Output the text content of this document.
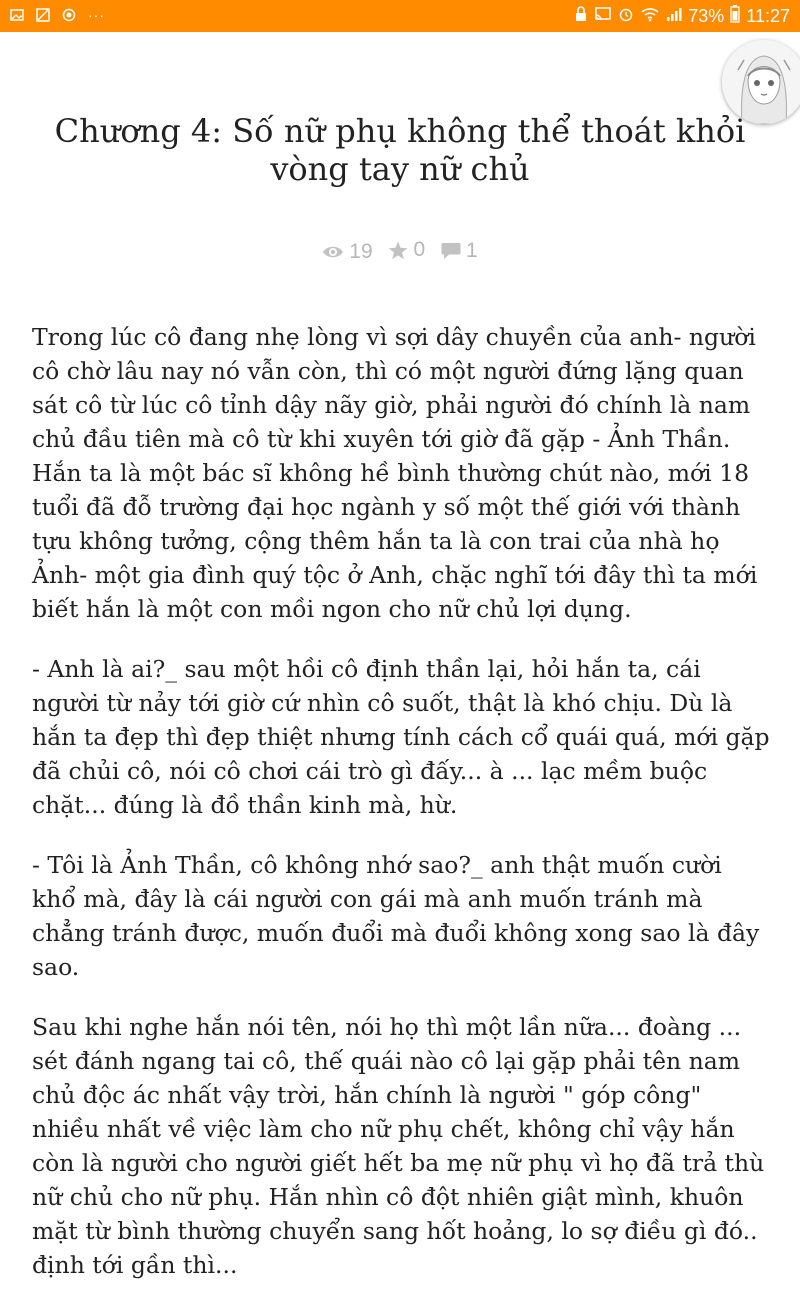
···	73% 11:27
Chương 4: Số nữ phụ không thể thoát khỏi vòng tay nữ chủ
19
0
1

Trong lúc cô đang nhẹ lòng vì sợi dây chuyền của anh- người cô chờ lâu nay nó vẫn còn, thì có một người đứng lặng quan sát cô từ lúc cô tỉnh dậy nãy giờ, phải người đó chính là nam chủ đầu tiên mà cô từ khi xuyên tới giờ đã gặp - Ảnh Thần. Hắn ta là một bác sĩ không hề bình thường chút nào, mới 18 tuổi đã đỗ trường đại học ngành y số một thế giới với thành tựu không tưởng, cộng thêm hắn ta là con trai của nhà họ Ảnh- một gia đình quý tộc ở Anh, chặc nghĩ tới đây thì ta mới biết hắn là một con mồi ngon cho nữ chủ lợi dụng.

- Anh là ai?_ sau một hồi cô định thần lại, hỏi hắn ta, cái người từ nảy tới giờ cứ nhìn cô suốt, thật là khó chịu. Dù là hắn ta đẹp thì đẹp thiệt nhưng tính cách cổ quái quá, mới gặp đã chủi cô, nói cô chơi cái trò gì đấy... à ... lạc mềm buộc chặt... đúng là đồ thần kinh mà, hừ.

- Tôi là Ảnh Thần, cô không nhớ sao?_ anh thật muốn cười khổ mà, đây là cái người con gái mà anh muốn tránh mà chẳng tránh được, muốn đuổi mà đuổi không xong sao là đây sao.

Sau khi nghe hắn nói tên, nói họ thì một lần nữa... đoàng ... sét đánh ngang tai cô, thế quái nào cô lại gặp phải tên nam chủ độc ác nhất vậy trời, hắn chính là người " góp công" nhiều nhất về việc làm cho nữ phụ chết, không chỉ vậy hắn còn là người cho người giết hết ba mẹ nữ phụ vì họ đã trả thù nữ chủ cho nữ phụ. Hắn nhìn cô đột nhiên giật mình, khuôn mặt từ bình thường chuyển sang hốt hoảng, lo sợ điều gì đó.. định tới gần thì...
